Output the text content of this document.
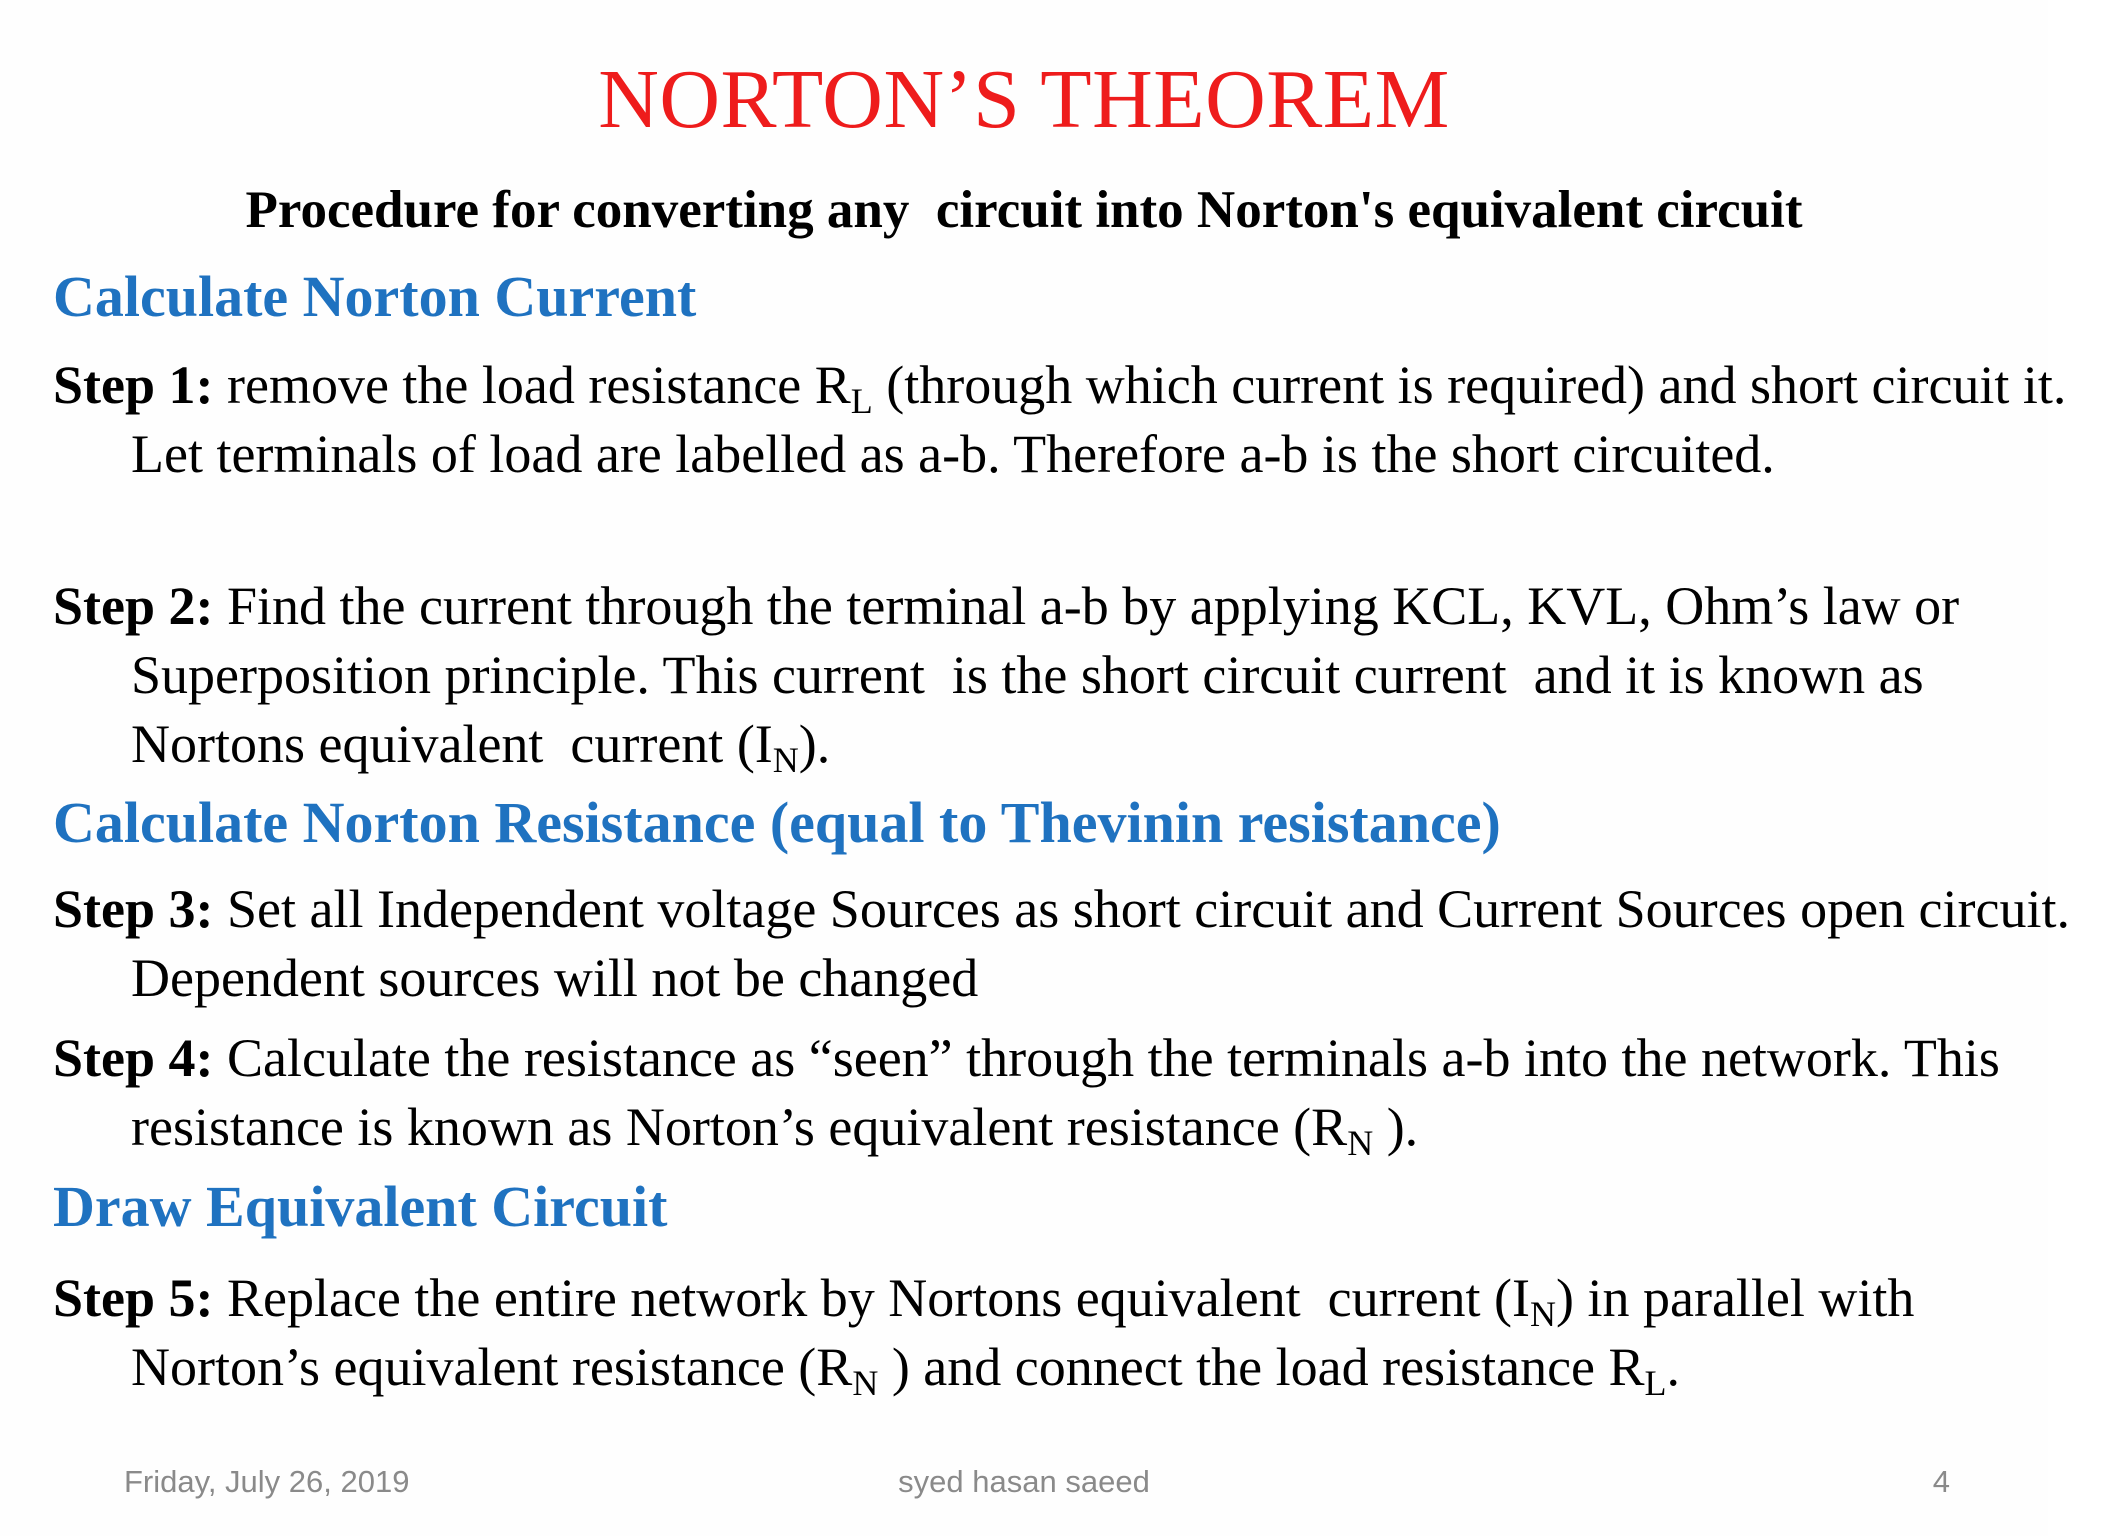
NORTON’S THEOREM
Procedure for converting any  circuit into Norton's equivalent circuit
Calculate Norton Current
Step 1: remove the load resistance $R_L$ (through which current is required) and short circuit it. Let terminals of load are labelled as a-b. Therefore a-b is the short circuited.
Step 2: Find the current through the terminal a-b by applying KCL, KVL, Ohm’s law or Superposition principle. This current  is the short circuit current  and it is known as Nortons equivalent  current $(I_N)$.
Calculate Norton Resistance (equal to Thevinin resistance)
Step 3: Set all Independent voltage Sources as short circuit and Current Sources open circuit.  Dependent sources will not be changed
Step 4: Calculate the resistance as “seen” through the terminals a-b into the network. This resistance is known as Norton’s equivalent resistance ($R_N$ ).
Draw Equivalent Circuit
Step 5: Replace the entire network by Nortons equivalent  current $(I_N)$ in parallel with Norton’s equivalent resistance ($R_N$ ) and connect the load resistance $R_L$.
Friday, July 26, 2019	syed hasan saeed	4
